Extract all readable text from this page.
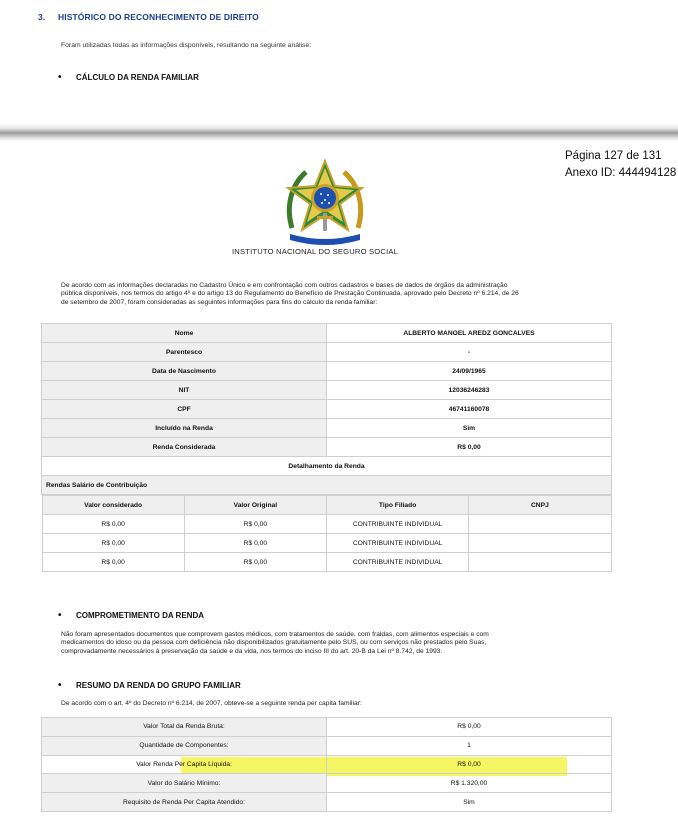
3. HISTÓRICO DO RECONHECIMENTO DE DIREITO
Foram utilizadas todas as informações disponíveis, resultando na seguinte análise:
• CÁLCULO DA RENDA FAMILIAR
Página 127 de 131
Anexo ID: 444494128
INSTITUTO NACIONAL DO SEGURO SOCIAL
De acordo com as informações declaradas no Cadastro Único e em confrontação com outros cadastros e bases de dados de órgãos da administração
pública disponíveis, nos termos do artigo 4º e do artigo 13 do Regulamento do Benefício de Prestação Continuada, aprovado pelo Decreto nº 6.214, de 26
de setembro de 2007, foram consideradas as seguintes informações para fins do cálculo da renda familiar:
Nome	ALBERTO MANOEL AREDZ GONCALVES
Parentesco	-
Data de Nascimento	24/09/1965
NIT	12036246283
CPF	46741160078
Incluído na Renda	Sim
Renda Considerada	R$ 0,00
Detalhamento da Renda
Rendas Salário de Contribuição

Valor considerado	Valor Original	Tipo Filiado	CNPJ
R$ 0,00	R$ 0,00	CONTRIBUINTE INDIVIDUAL	
R$ 0,00	R$ 0,00	CONTRIBUINTE INDIVIDUAL	
R$ 0,00	R$ 0,00	CONTRIBUINTE INDIVIDUAL	
• COMPROMETIMENTO DA RENDA
Não foram apresentados documentos que comprovem gastos médicos, com tratamentos de saúde, com fraldas, com alimentos especiais e com
medicamentos do idoso ou da pessoa com deficiência não disponibilizados gratuitamente pelo SUS, ou com serviços não prestados pelo Suas,
comprovadamente necessários à preservação da saúde e da vida, nos termos do inciso III do art. 20-B da Lei nº 8.742, de 1993.
• RESUMO DA RENDA DO GRUPO FAMILIAR
De acordo com o art. 4º do Decreto nº 6.214, de 2007, obteve-se a seguinte renda per capita familiar:
Valor Total da Renda Bruta:	R$ 0,00
Quantidade de Componentes:	1
Valor Renda Per Capita Líquida:	R$ 0,00
Valor do Salário Mínimo:	R$ 1.320,00
Requisito de Renda Per Capita Atendido:	Sim
